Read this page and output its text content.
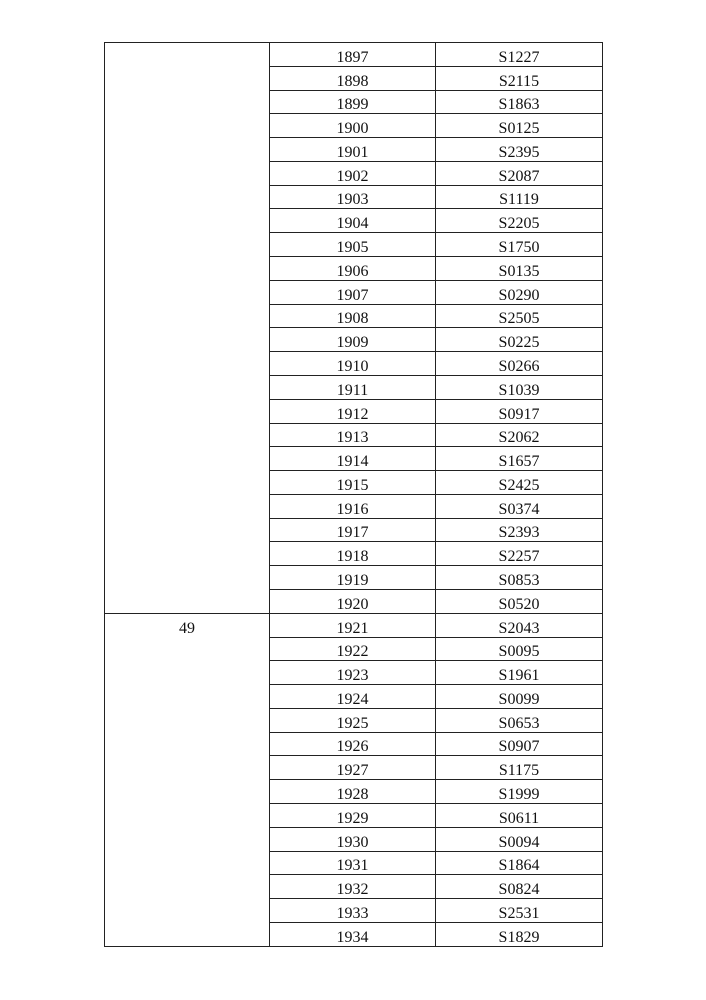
	1897	S1227
	1898	S2115
	1899	S1863
	1900	S0125
	1901	S2395
	1902	S2087
	1903	S1119
	1904	S2205
	1905	S1750
	1906	S0135
	1907	S0290
	1908	S2505
	1909	S0225
	1910	S0266
	1911	S1039
	1912	S0917
	1913	S2062
	1914	S1657
	1915	S2425
	1916	S0374
	1917	S2393
	1918	S2257
	1919	S0853
	1920	S0520

49	1921	S2043
	1922	S0095
	1923	S1961
	1924	S0099
	1925	S0653
	1926	S0907
	1927	S1175
	1928	S1999
	1929	S0611
	1930	S0094
	1931	S1864
	1932	S0824
	1933	S2531
	1934	S1829
